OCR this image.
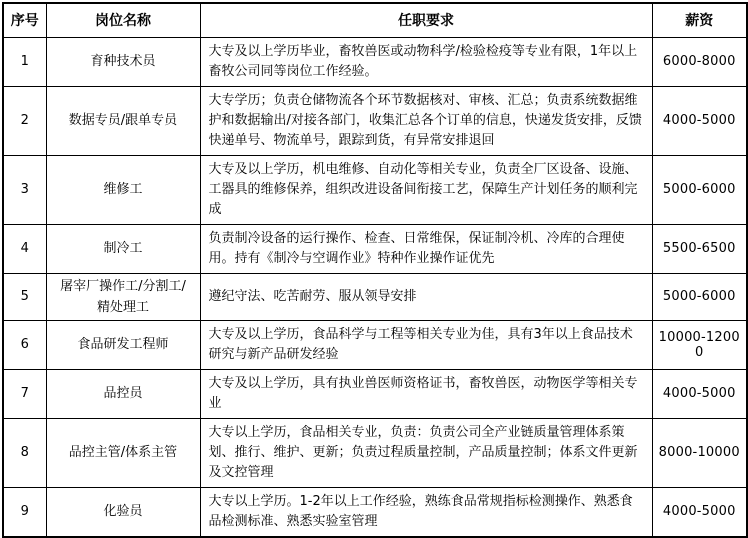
序号	岗位名称	任职要求	薪资
1	育种技术员	大专及以上学历毕业，畜牧兽医或动物科学/检验检疫等专业有限，1年以上畜牧公司同等岗位工作经验。	6000-8000
2	数据专员/跟单专员	大专学历；负责仓储物流各个环节数据核对、审核、汇总；负责系统数据维护和数据输出/对接各部门，收集汇总各个订单的信息，快递发货安排，反馈快递单号、物流单号，跟踪到货，有异常安排退回	4000-5000
3	维修工	大专及以上学历，机电维修、自动化等相关专业，负责全厂区设备、设施、工器具的维修保养，组织改进设备间衔接工艺，保障生产计划任务的顺利完成	5000-6000
4	制冷工	负责制冷设备的运行操作、检查、日常维保，保证制冷机、冷库的合理使用。持有《制冷与空调作业》特种作业操作证优先	5500-6500
5	屠宰厂操作工/分割工/精处理工	遵纪守法、吃苦耐劳、服从领导安排	5000-6000
6	食品研发工程师	大专及以上学历，食品科学与工程等相关专业为佳，具有3年以上食品技术研究与新产品研发经验	10000-12000
7	品控员	大专及以上学历，具有执业兽医师资格证书，畜牧兽医，动物医学等相关专业	4000-5000
8	品控主管/体系主管	大专以上学历，食品相关专业，负责：负责公司全产业链质量管理体系策划、推行、维护、更新；负责过程质量控制，产品质量控制；体系文件更新及文控管理	8000-10000
9	化验员	大专以上学历。1-2年以上工作经验，熟练食品常规指标检测操作、熟悉食品检测标准、熟悉实验室管理	4000-5000
